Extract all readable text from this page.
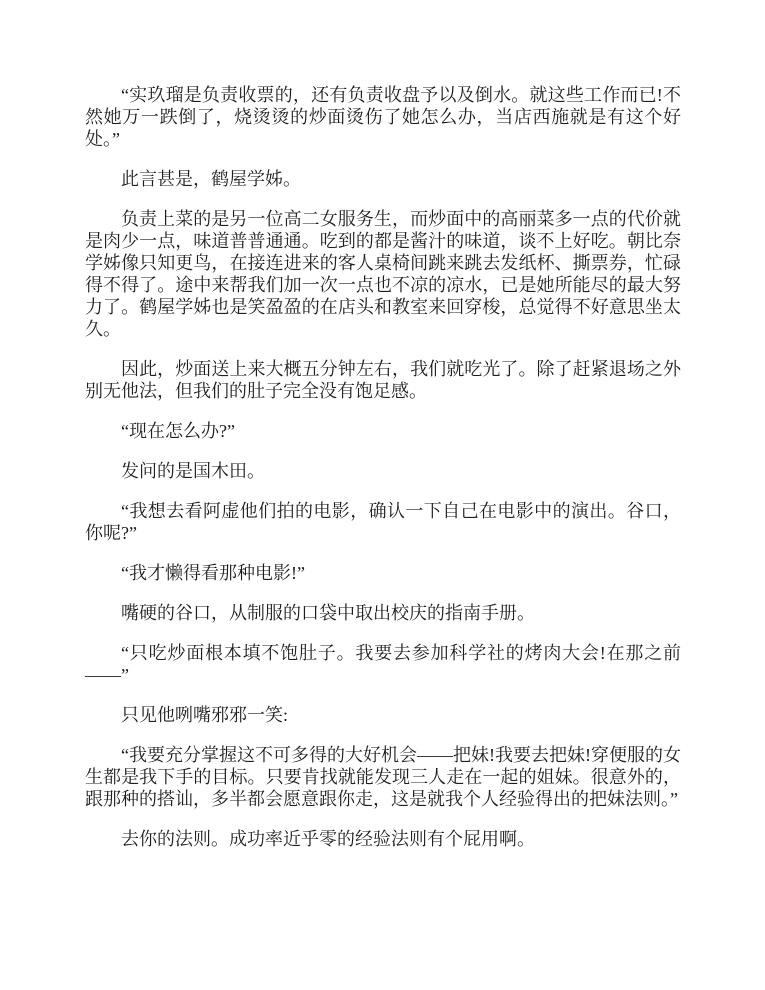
“实玖瑠是负责收票的，还有负责收盘予以及倒水。就这些工作而已!不然她万一跌倒了，烧烫烫的炒面烫伤了她怎么办，当店西施就是有这个好处。”

此言甚是，鹤屋学姊。

负责上菜的是另一位高二女服务生，而炒面中的高丽菜多一点的代价就是肉少一点，味道普普通通。吃到的都是酱汁的味道，谈不上好吃。朝比奈学姊像只知更鸟，在接连进来的客人桌椅间跳来跳去发纸杯、撕票券，忙碌得不得了。途中来帮我们加一次一点也不凉的凉水，已是她所能尽的最大努力了。鹤屋学姊也是笑盈盈的在店头和教室来回穿梭，总觉得不好意思坐太久。

因此，炒面送上来大概五分钟左右，我们就吃光了。除了赶紧退场之外别无他法，但我们的肚子完全没有饱足感。

“现在怎么办?”

发问的是国木田。

“我想去看阿虚他们拍的电影，确认一下自己在电影中的演出。谷口，你呢?”

“我才懒得看那种电影!”

嘴硬的谷口，从制服的口袋中取出校庆的指南手册。

“只吃炒面根本填不饱肚子。我要去参加科学社的烤肉大会!在那之前——”

只见他咧嘴邪邪一笑:

“我要充分掌握这不可多得的大好机会——把妹!我要去把妹!穿便服的女生都是我下手的目标。只要肯找就能发现三人走在一起的姐妹。很意外的，跟那种的搭讪，多半都会愿意跟你走，这是就我个人经验得出的把妹法则。”

去你的法则。成功率近乎零的经验法则有个屁用啊。
